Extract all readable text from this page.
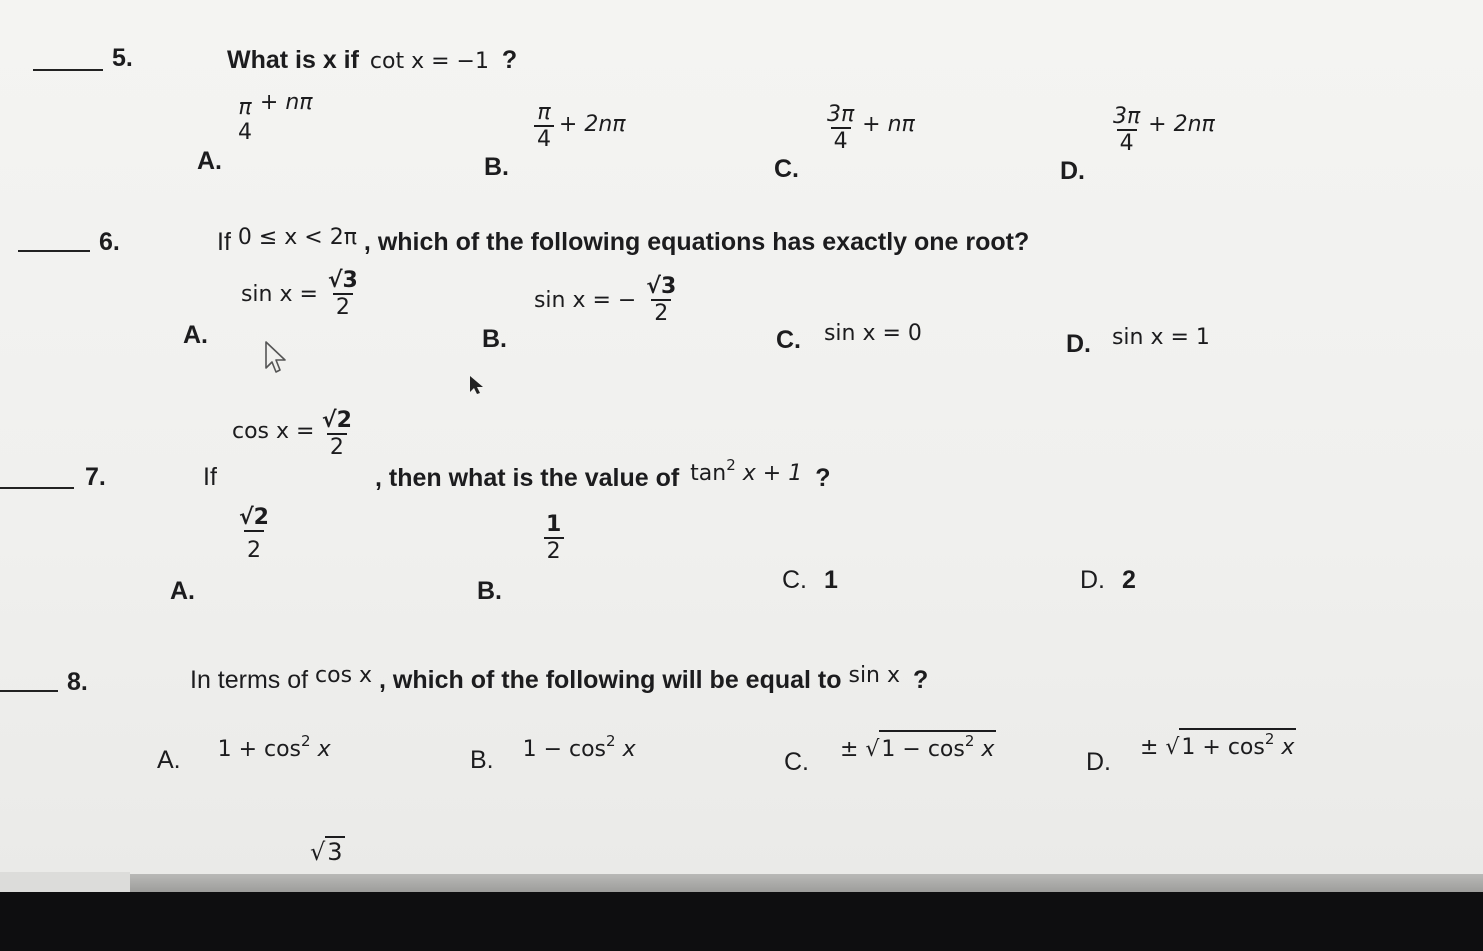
5.	What is x if cot x = −1 ?
A.
π
4
+ nπ
B.
$\frac{\pi}{4} + 2n\pi$
C.
$\frac{3\pi}{4} + n\pi$
D.
$\frac{3\pi}{4} + 2n\pi$
6.	If 0 ≤ x < 2π , which of the following equations has exactly one root?
A. $\sin x = \frac{√3}{2}$
B. sin x = − $\frac{√3}{2}$
C. sin x = 0	D. sin x = 1
7.	If
$\cos x = \frac{√2}{2}$
, then what is the value of $\tan^2 x + 1$ ?
A.
$\frac{√2}{2}$
B.
$\frac{1}{2}$
C. 1	D. 2
8.	In terms of cos x , which of the following will be equal to sin x ?
A. $1 + \cos^2 x$	B. $1 - \cos^2 x$	C. ± √ $1 - \cos^2 x$	D. ± √ $1 + \cos^2 x$
√ 3
